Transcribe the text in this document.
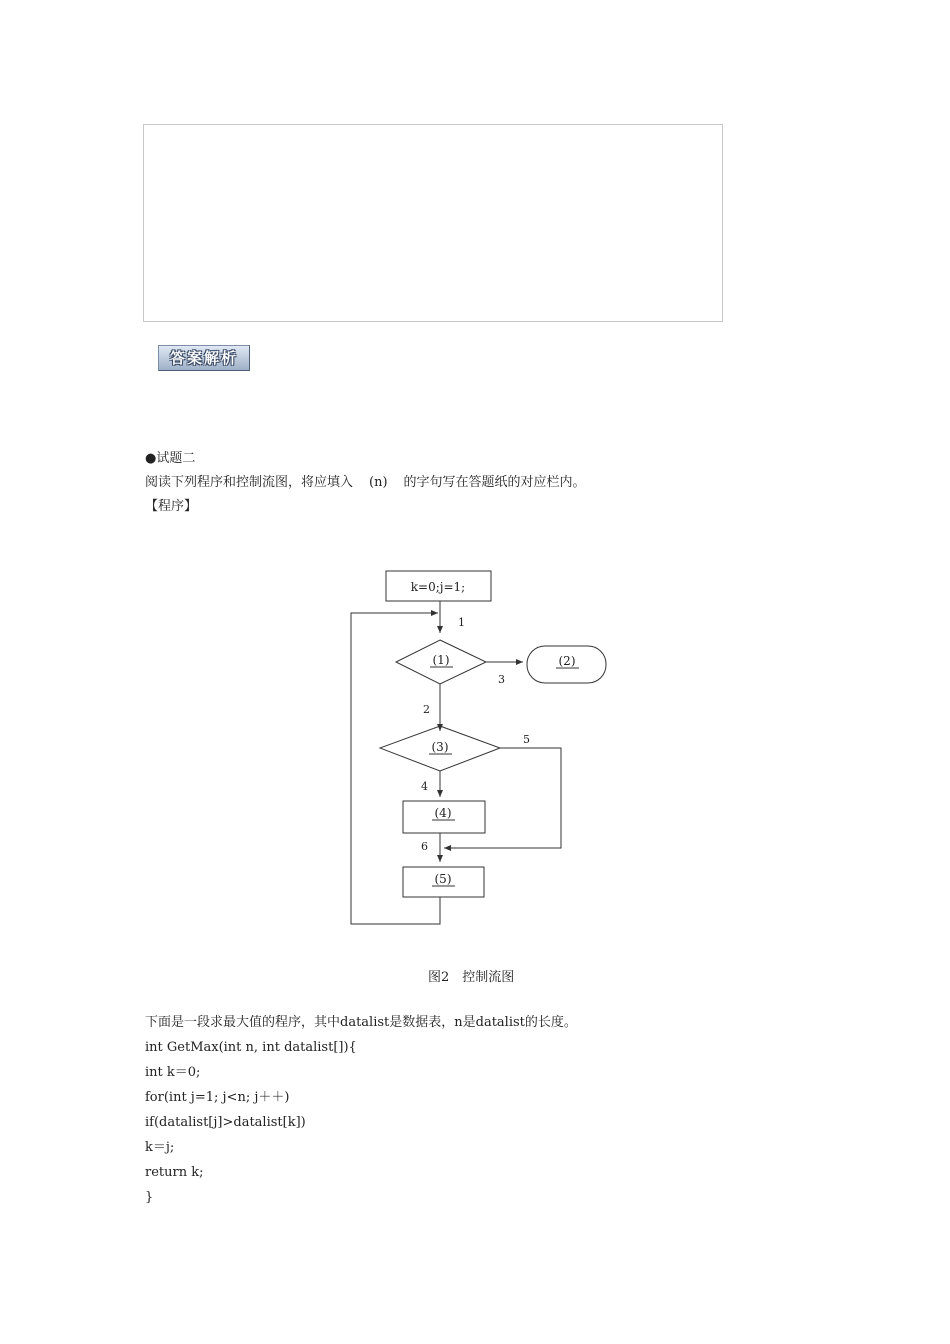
答案解析
●试题二
阅读下列程序和控制流图，将应填入 (n) 的字句写在答题纸的对应栏内。
【程序】
k=0;j=1;
1
(1)
3
(2)
2
(3)
5
4
(4)
6
(5)
图2　控制流图
下面是一段求最大值的程序，其中datalist是数据表，n是datalist的长度。
int GetMax(int n, int datalist[]){
int k＝0;
for(int j=1; j<n; j＋＋)
if(datalist[j]>datalist[k])
k＝j;
return k;
}
